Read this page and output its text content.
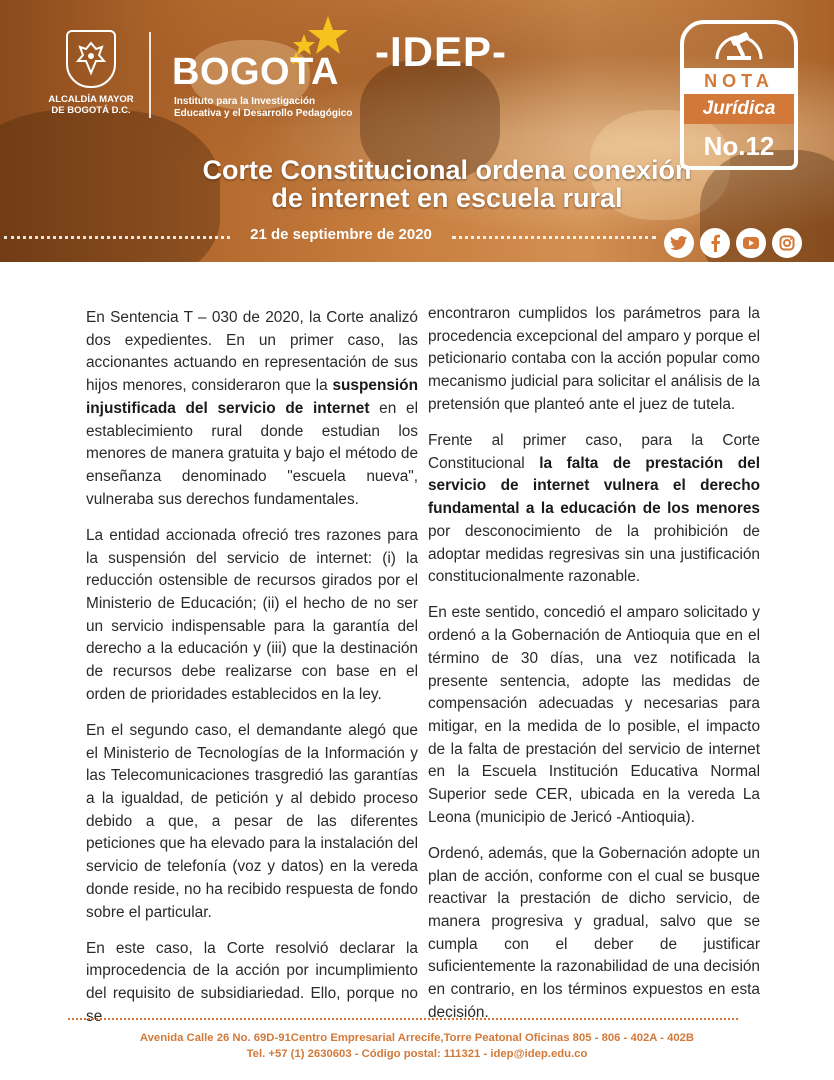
ALCALDÍA MAYOR
DE BOGOTÁ D.C.
BOGOTA
Instituto para la Investigación
Educativa y el Desarrollo Pedagógico
-IDEP-
Corte Constitucional ordena conexión
de internet en escuela rural
21 de septiembre de 2020
NOTA
Jurídica
No.12

En Sentencia T – 030 de 2020, la Corte analizó dos expedientes. En un primer caso, las accionantes actuando en representación de sus hijos menores, consideraron que la suspensión injustificada del servicio de internet en el establecimiento rural donde estudian los menores de manera gratuita y bajo el método de enseñanza denominado "escuela nueva", vulneraba sus derechos fundamentales.

La entidad accionada ofreció tres razones para la suspensión del servicio de internet: (i) la reducción ostensible de recursos girados por el Ministerio de Educación; (ii) el hecho de no ser un servicio indispensable para la garantía del derecho a la educación y (iii) que la destinación de recursos debe realizarse con base en el orden de prioridades establecidos en la ley.

En el segundo caso, el demandante alegó que el Ministerio de Tecnologías de la Información y las Telecomunicaciones trasgredió las garantías a la igualdad, de petición y al debido proceso debido a que, a pesar de las diferentes peticiones que ha elevado para la instalación del servicio de telefonía (voz y datos) en la vereda donde reside, no ha recibido respuesta de fondo sobre el particular.

En este caso, la Corte resolvió declarar la improcedencia de la acción por incumplimiento del requisito de subsidiariedad. Ello, porque no se

encontraron cumplidos los parámetros para la procedencia excepcional del amparo y porque el peticionario contaba con la acción popular como mecanismo judicial para solicitar el análisis de la pretensión que planteó ante el juez de tutela.

Frente al primer caso, para la Corte Constitucional la falta de prestación del servicio de internet vulnera el derecho fundamental a la educación de los menores por desconocimiento de la prohibición de adoptar medidas regresivas sin una justificación constitucionalmente razonable.

En este sentido, concedió el amparo solicitado y ordenó a la Gobernación de Antioquia que en el término de 30 días, una vez notificada la presente sentencia, adopte las medidas de compensación adecuadas y necesarias para mitigar, en la medida de lo posible, el impacto de la falta de prestación del servicio de internet en la Escuela Institución Educativa Normal Superior sede CER, ubicada en la vereda La Leona (municipio de Jericó -Antioquia).

Ordenó, además, que la Gobernación adopte un plan de acción, conforme con el cual se busque reactivar la prestación de dicho servicio, de manera progresiva y gradual, salvo que se cumpla con el deber de justificar suficientemente la razonabilidad de una decisión en contrario, en los términos expuestos en esta decisión.

Avenida Calle 26 No. 69D-91Centro Empresarial Arrecife,Torre Peatonal Oficinas 805 - 806 - 402A - 402B
Tel. +57 (1) 2630603 - Código postal: 111321 - idep@idep.edu.co
